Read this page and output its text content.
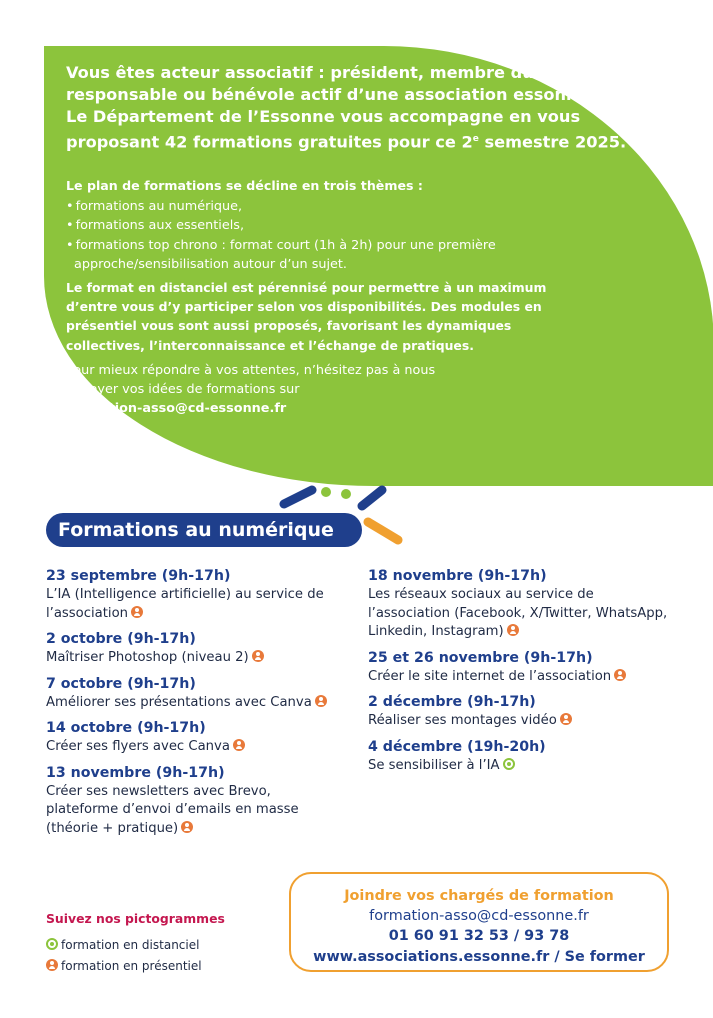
Vous êtes acteur associatif : président, membre du bureau,
responsable ou bénévole actif d’une association essonnienne ?
Le Département de l’Essonne vous accompagne en vous
proposant 42 formations gratuites pour ce 2e semestre 2025.
Le plan de formations se décline en trois thèmes :
• formations au numérique,
• formations aux essentiels,
• formations top chrono : format court (1h à 2h) pour une première approche/sensibilisation autour d’un sujet.
Le format en distanciel est pérennisé pour permettre à un maximum d’entre vous d’y participer selon vos disponibilités. Des modules en présentiel vous sont aussi proposés, favorisant les dynamiques collectives, l’interconnaissance et l’échange de pratiques.
Pour mieux répondre à vos attentes, n’hésitez pas à nous envoyer vos idées de formations sur
formation-asso@cd-essonne.fr
Formations au numérique
23 septembre (9h-17h)
L’IA (Intelligence artificielle) au service de l’association
2 octobre (9h-17h)
Maîtriser Photoshop (niveau 2)
7 octobre (9h-17h)
Améliorer ses présentations avec Canva
14 octobre (9h-17h)
Créer ses flyers avec Canva
13 novembre (9h-17h)
Créer ses newsletters avec Brevo, plateforme d’envoi d’emails en masse (théorie + pratique)
18 novembre (9h-17h)
Les réseaux sociaux au service de l’association (Facebook, X/Twitter, WhatsApp, Linkedin, Instagram)
25 et 26 novembre (9h-17h)
Créer le site internet de l’association
2 décembre (9h-17h)
Réaliser ses montages vidéo
4 décembre (19h-20h)
Se sensibiliser à l’IA
Suivez nos pictogrammes
formation en distanciel
formation en présentiel
Joindre vos chargés de formation
formation-asso@cd-essonne.fr
01 60 91 32 53 / 93 78
www.associations.essonne.fr / Se former
